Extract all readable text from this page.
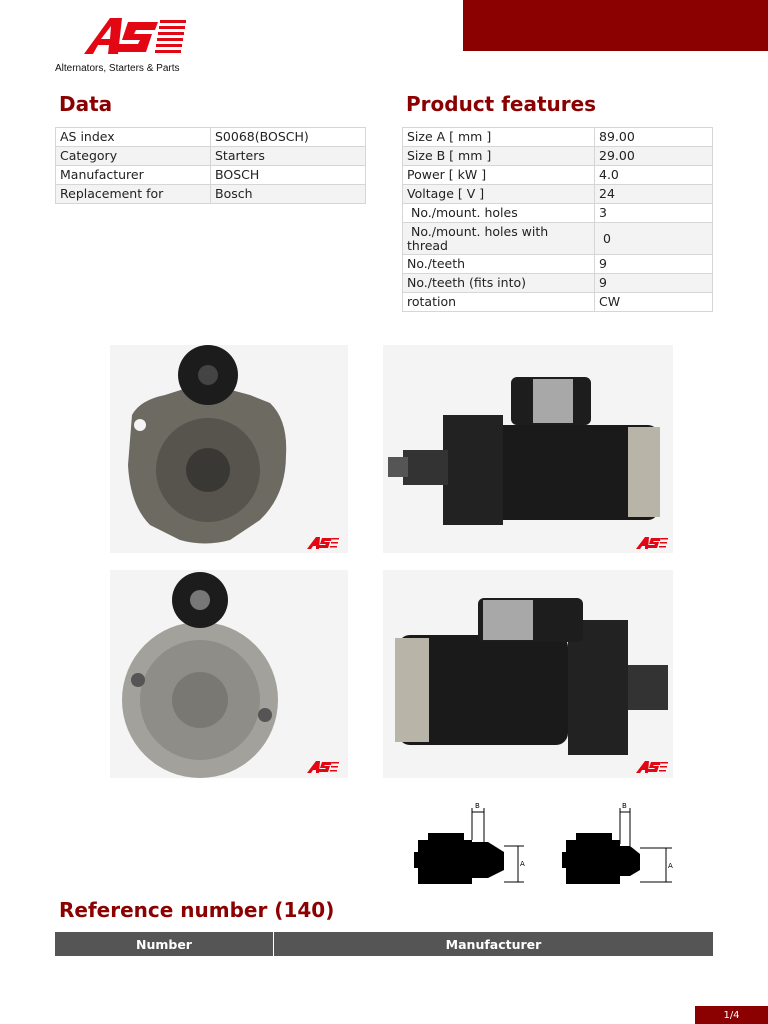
Alternators, Starters & Parts
Data
AS index	S0068(BOSCH)
Category	Starters
Manufacturer	BOSCH
Replacement for	Bosch
Product features
Size A [ mm ]	89.00
Size B [ mm ]	29.00
Power [ kW ]	4.0
Voltage [ V ]	24
No./mount. holes	3
No./mount. holes with thread	0
No./teeth	9
No./teeth (fits into)	9
rotation	CW
B
A
B
A
Reference number (140)
Number	Manufacturer
1/4
